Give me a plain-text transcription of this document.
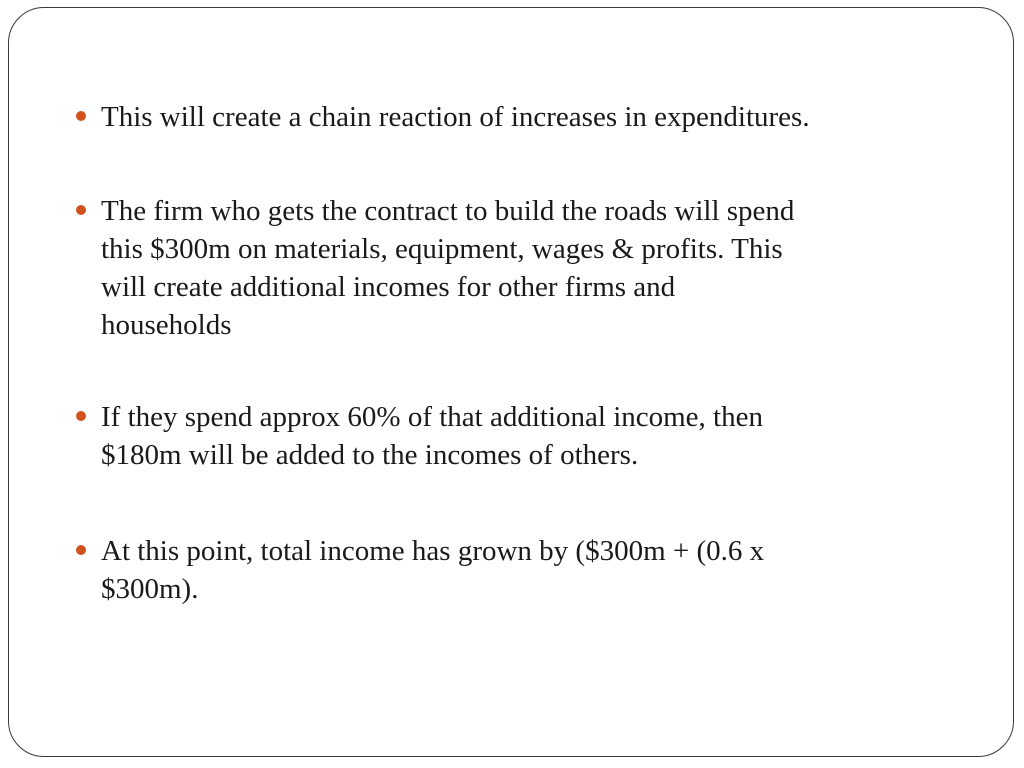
This will create a chain reaction of increases in expenditures.

The firm who gets the contract to build the roads will spend
this $300m on materials, equipment, wages & profits. This
will create additional incomes for other firms and
households

If they spend approx 60% of that additional income, then
$180m will be added to the incomes of others.

At this point, total income has grown by ($300m + (0.6 x
$300m).
